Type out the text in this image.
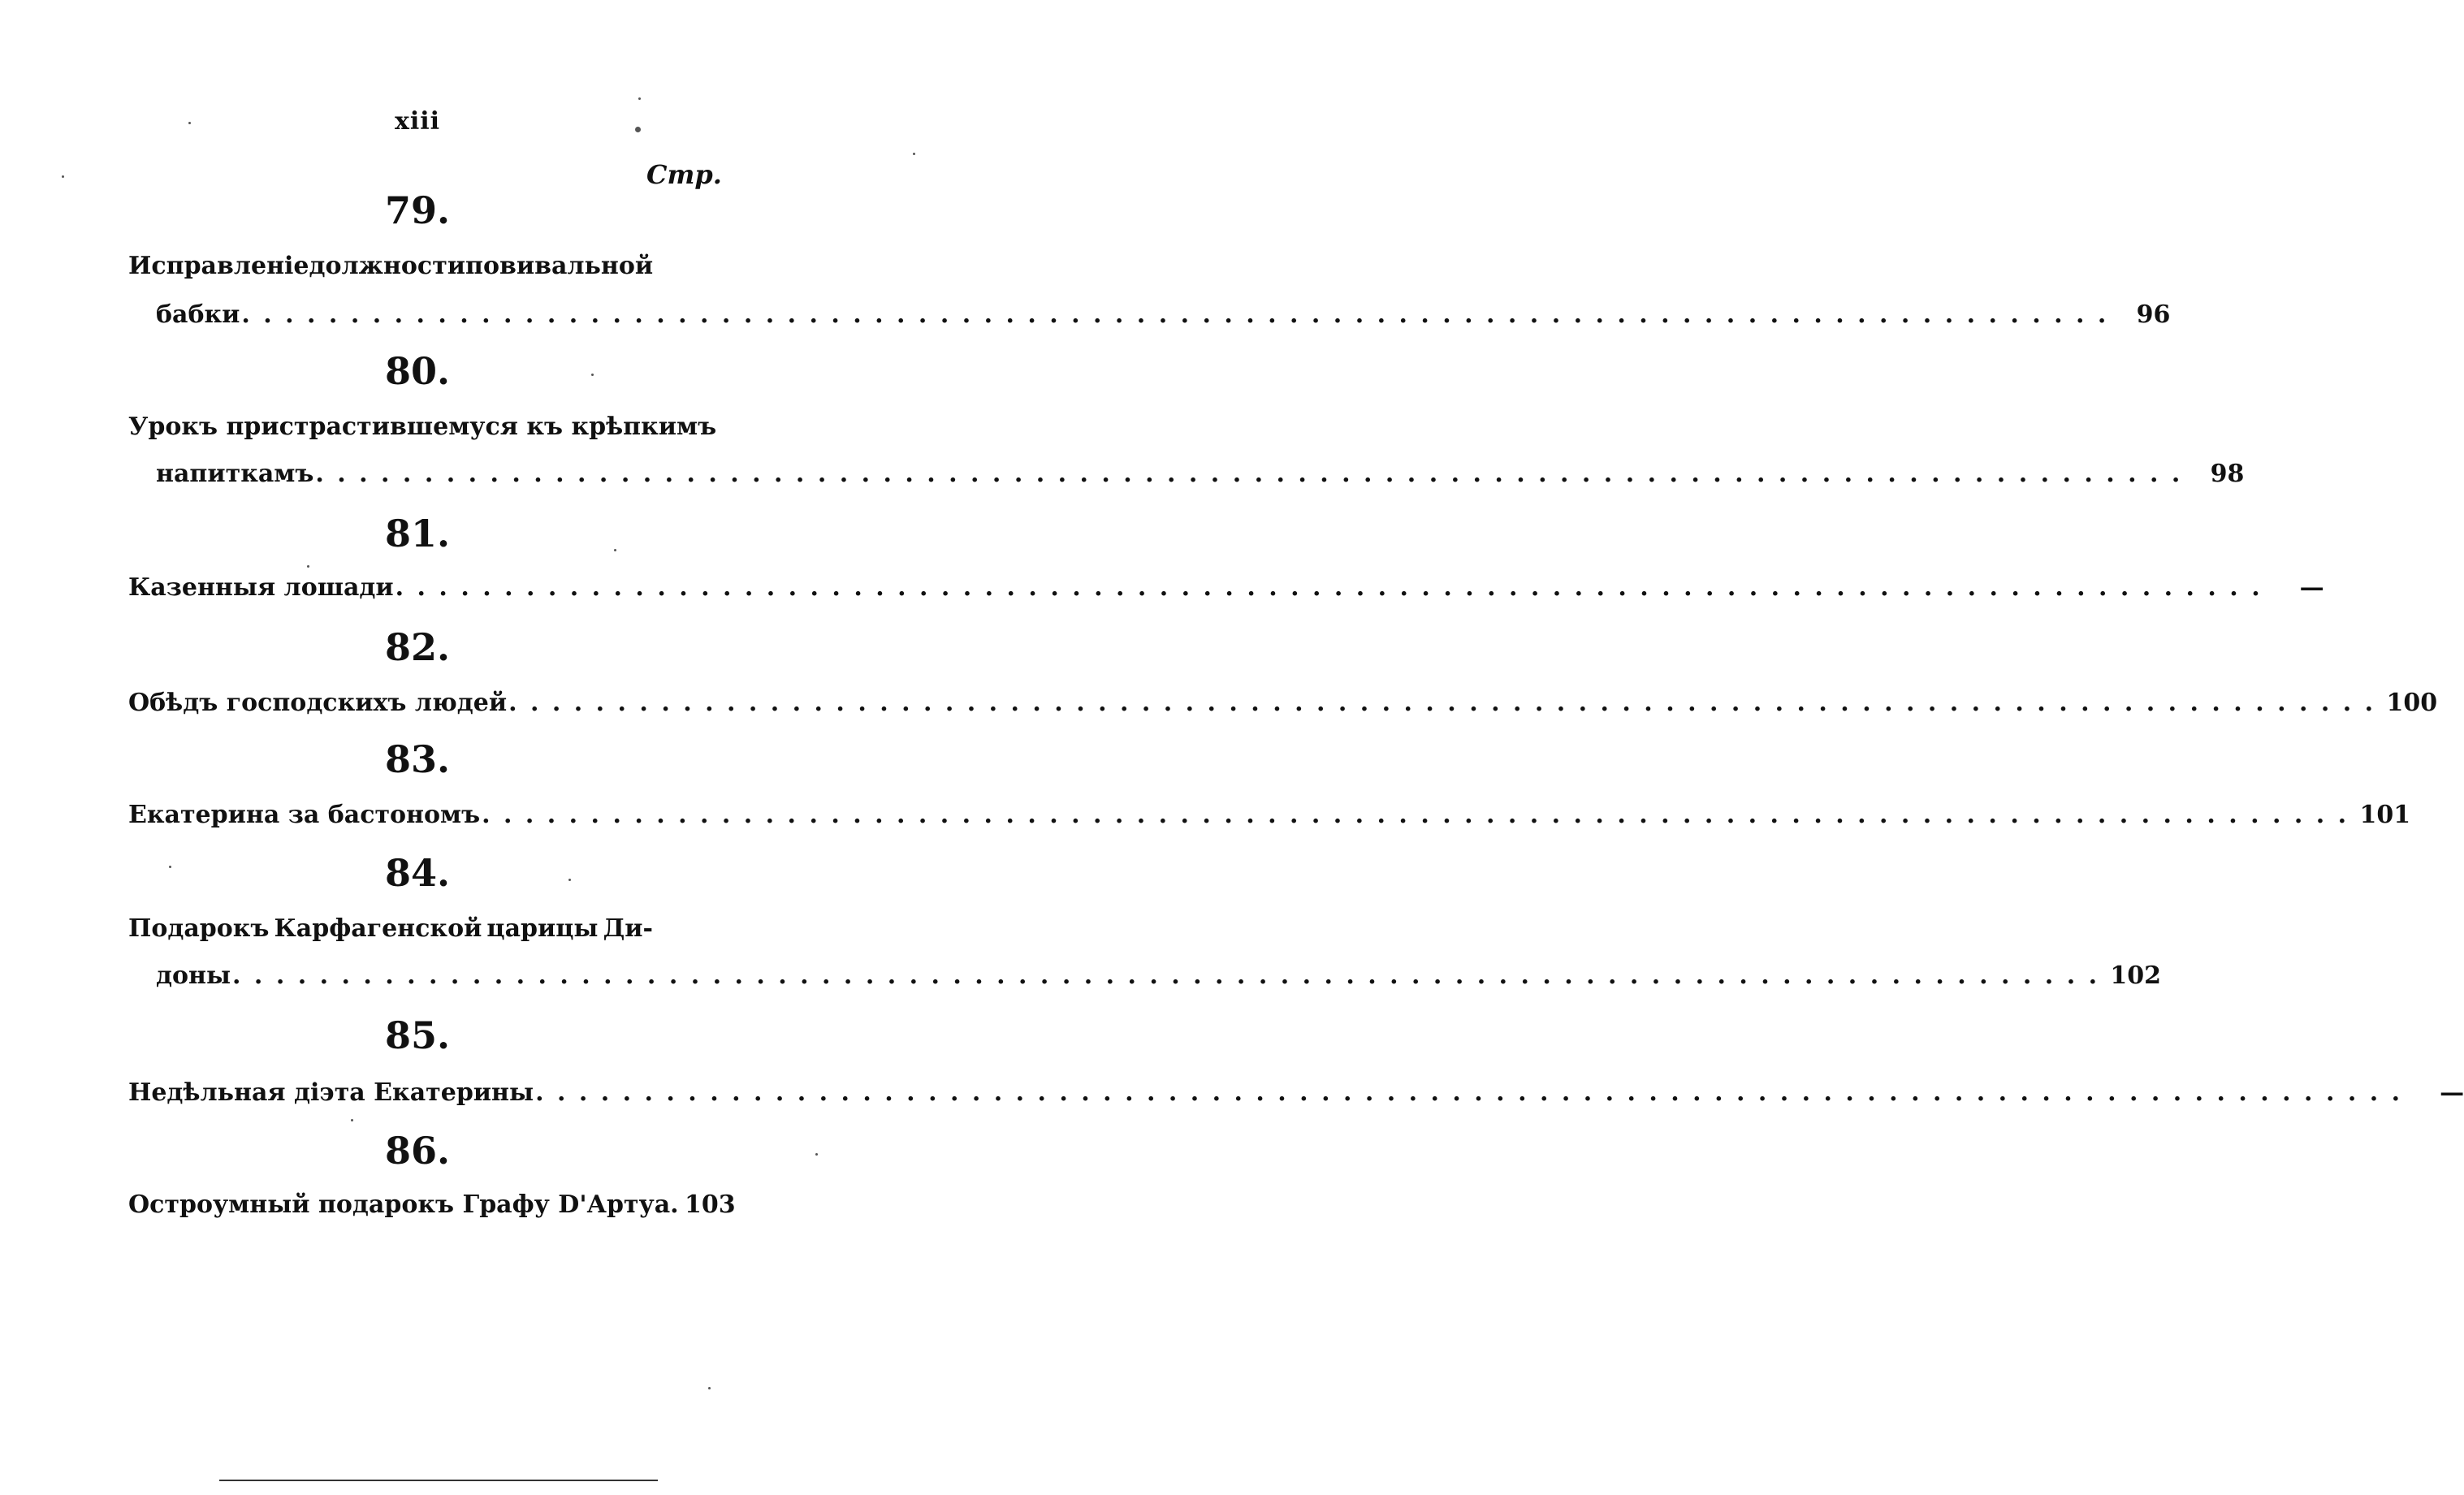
xiii
Стр.
79.
Исправленіе должности повивальной
бабки . . .	96
80.
Урокъ пристрастившемуся къ крѣпкимъ
напиткамъ . . .	98
81.
Казенныя лошади . . .	—
82.
Обѣдъ господскихъ людей . . .	100
83.
Екатерина за бастономъ . . .	101
84.
Подарокъ Карфагенской царицы Ди-
доны . . .	102
85.
Недѣльная діэта Екатерины . . .	—
86.
Остроумный подарокъ Графу D'Артуа. 103
